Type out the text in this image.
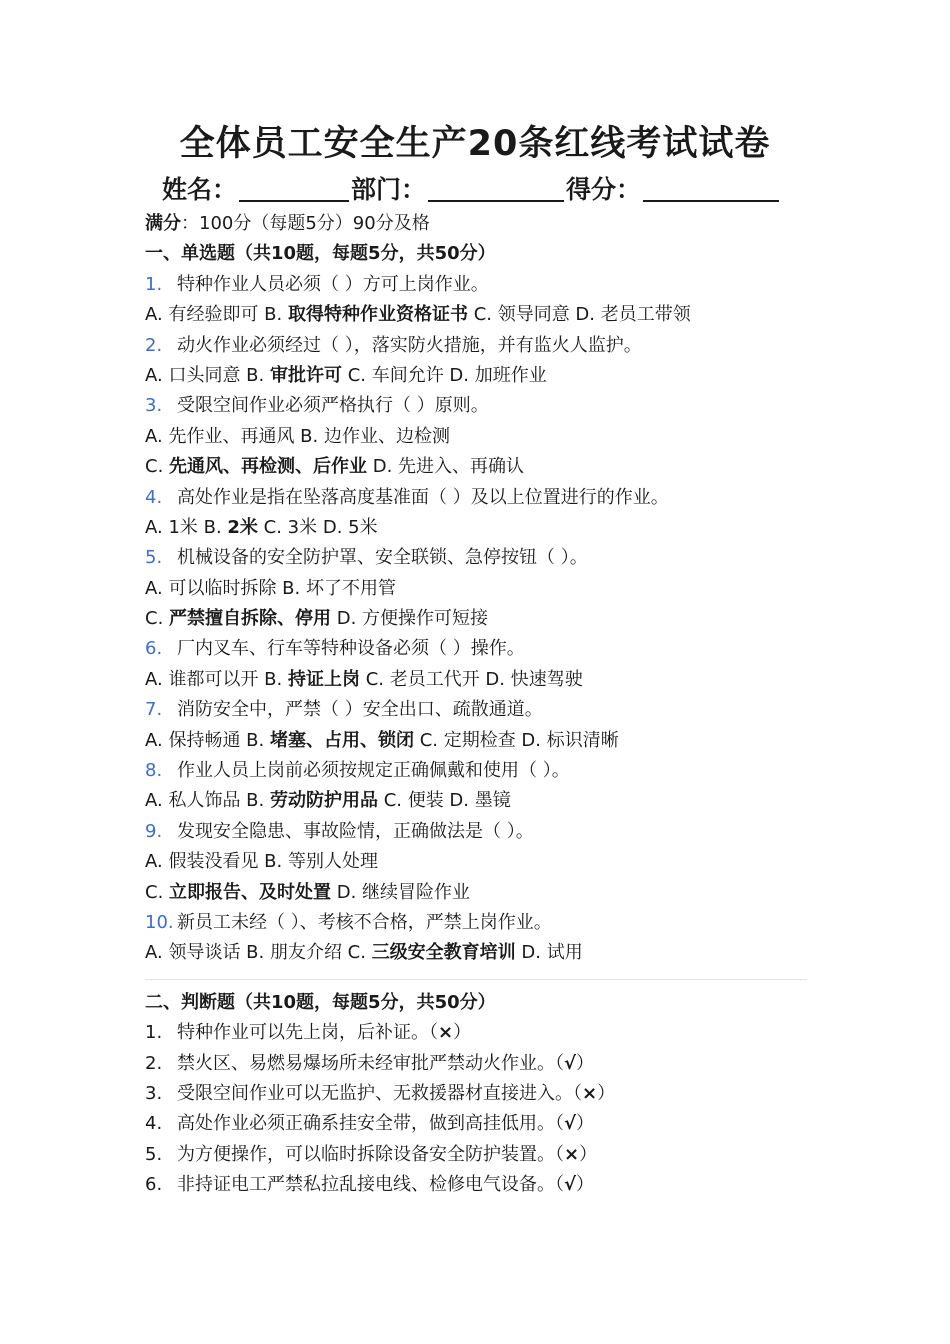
全体员工安全生产20条红线考试试卷
姓名：	部门：	得分：
满分：100分（每题5分）90分及格
一、单选题（共10题，每题5分，共50分）
1. 特种作业人员必须（ ）方可上岗作业。
A. 有经验即可 B. 取得特种作业资格证书 C. 领导同意 D. 老员工带领
2. 动火作业必须经过（ ），落实防火措施，并有监火人监护。
A. 口头同意 B. 审批许可 C. 车间允许 D. 加班作业
3. 受限空间作业必须严格执行（ ）原则。
A. 先作业、再通风 B. 边作业、边检测
C. 先通风、再检测、后作业 D. 先进入、再确认
4. 高处作业是指在坠落高度基准面（ ）及以上位置进行的作业。
A. 1米 B. 2米 C. 3米 D. 5米
5. 机械设备的安全防护罩、安全联锁、急停按钮（ ）。
A. 可以临时拆除 B. 坏了不用管
C. 严禁擅自拆除、停用 D. 方便操作可短接
6. 厂内叉车、行车等特种设备必须（ ）操作。
A. 谁都可以开 B. 持证上岗 C. 老员工代开 D. 快速驾驶
7. 消防安全中，严禁（ ）安全出口、疏散通道。
A. 保持畅通 B. 堵塞、占用、锁闭 C. 定期检查 D. 标识清晰
8. 作业人员上岗前必须按规定正确佩戴和使用（ ）。
A. 私人饰品 B. 劳动防护用品 C. 便装 D. 墨镜
9. 发现安全隐患、事故险情，正确做法是（ ）。
A. 假装没看见 B. 等别人处理
C. 立即报告、及时处置 D. 继续冒险作业
10. 新员工未经（ ）、考核不合格，严禁上岗作业。
A. 领导谈话 B. 朋友介绍 C. 三级安全教育培训 D. 试用
二、判断题（共10题，每题5分，共50分）
1. 特种作业可以先上岗，后补证。（×）
2. 禁火区、易燃易爆场所未经审批严禁动火作业。（√）
3. 受限空间作业可以无监护、无救援器材直接进入。（×）
4. 高处作业必须正确系挂安全带，做到高挂低用。（√）
5. 为方便操作，可以临时拆除设备安全防护装置。（×）
6. 非持证电工严禁私拉乱接电线、检修电气设备。（√）
